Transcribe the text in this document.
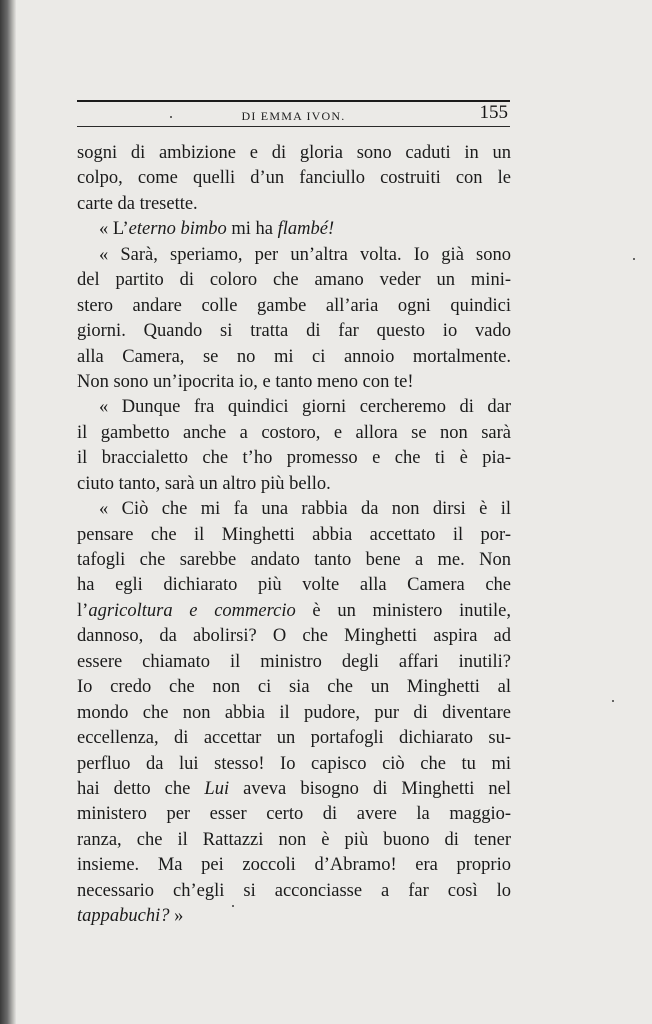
DI EMMA IVON.	155
sogni di ambizione e di gloria sono caduti in un
colpo, come quelli d’un fanciullo costruiti con le
carte da tresette.
« L’eterno bimbo mi ha flambé!
« Sarà, speriamo, per un’altra volta. Io già sono
del partito di coloro che amano veder un mini-
stero andare colle gambe all’aria ogni quindici
giorni. Quando si tratta di far questo io vado
alla Camera, se no mi ci annoio mortalmente.
Non sono un’ipocrita io, e tanto meno con te!
« Dunque fra quindici giorni cercheremo di dar
il gambetto anche a costoro, e allora se non sarà
il braccialetto che t’ho promesso e che ti è pia-
ciuto tanto, sarà un altro più bello.
« Ciò che mi fa una rabbia da non dirsi è il
pensare che il Minghetti abbia accettato il por-
tafogli che sarebbe andato tanto bene a me. Non
ha egli dichiarato più volte alla Camera che
l’agricoltura e commercio è un ministero inutile,
dannoso, da abolirsi? O che Minghetti aspira ad
essere chiamato il ministro degli affari inutili?
Io credo che non ci sia che un Minghetti al
mondo che non abbia il pudore, pur di diventare
eccellenza, di accettar un portafogli dichiarato su-
perfluo da lui stesso! Io capisco ciò che tu mi
hai detto che Lui aveva bisogno di Minghetti nel
ministero per esser certo di avere la maggio-
ranza, che il Rattazzi non è più buono di tener
insieme. Ma pei zoccoli d’Abramo! era proprio
necessario ch’egli si acconciasse a far così lo
tappabuchi? »
